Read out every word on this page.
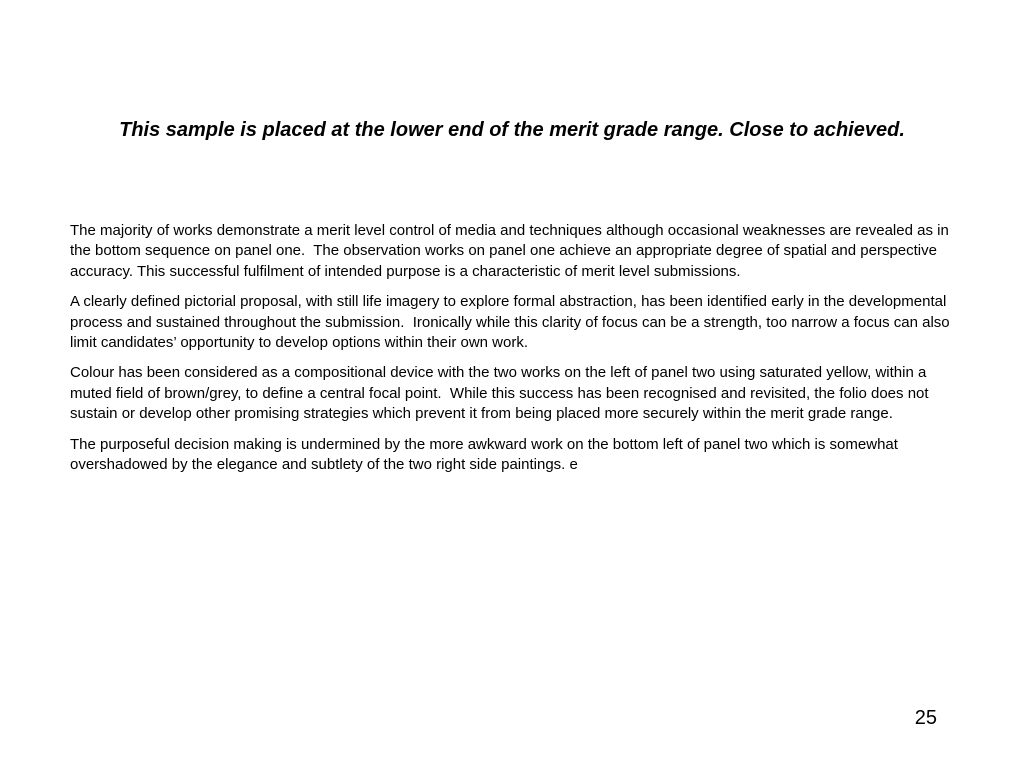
This sample is placed at the lower end of the merit grade range. Close to achieved.

The majority of works demonstrate a merit level control of media and techniques although occasional weaknesses are revealed as in the bottom sequence on panel one.  The observation works on panel one achieve an appropriate degree of spatial and perspective accuracy. This successful fulfilment of intended purpose is a characteristic of merit level submissions.

A clearly defined pictorial proposal, with still life imagery to explore formal abstraction, has been identified early in the developmental process and sustained throughout the submission.  Ironically while this clarity of focus can be a strength, too narrow a focus can also limit candidates’ opportunity to develop options within their own work.

Colour has been considered as a compositional device with the two works on the left of panel two using saturated yellow, within a muted field of brown/grey, to define a central focal point.  While this success has been recognised and revisited, the folio does not sustain or develop other promising strategies which prevent it from being placed more securely within the merit grade range.

The purposeful decision making is undermined by the more awkward work on the bottom left of panel two which is somewhat overshadowed by the elegance and subtlety of the two right side paintings. e

25
